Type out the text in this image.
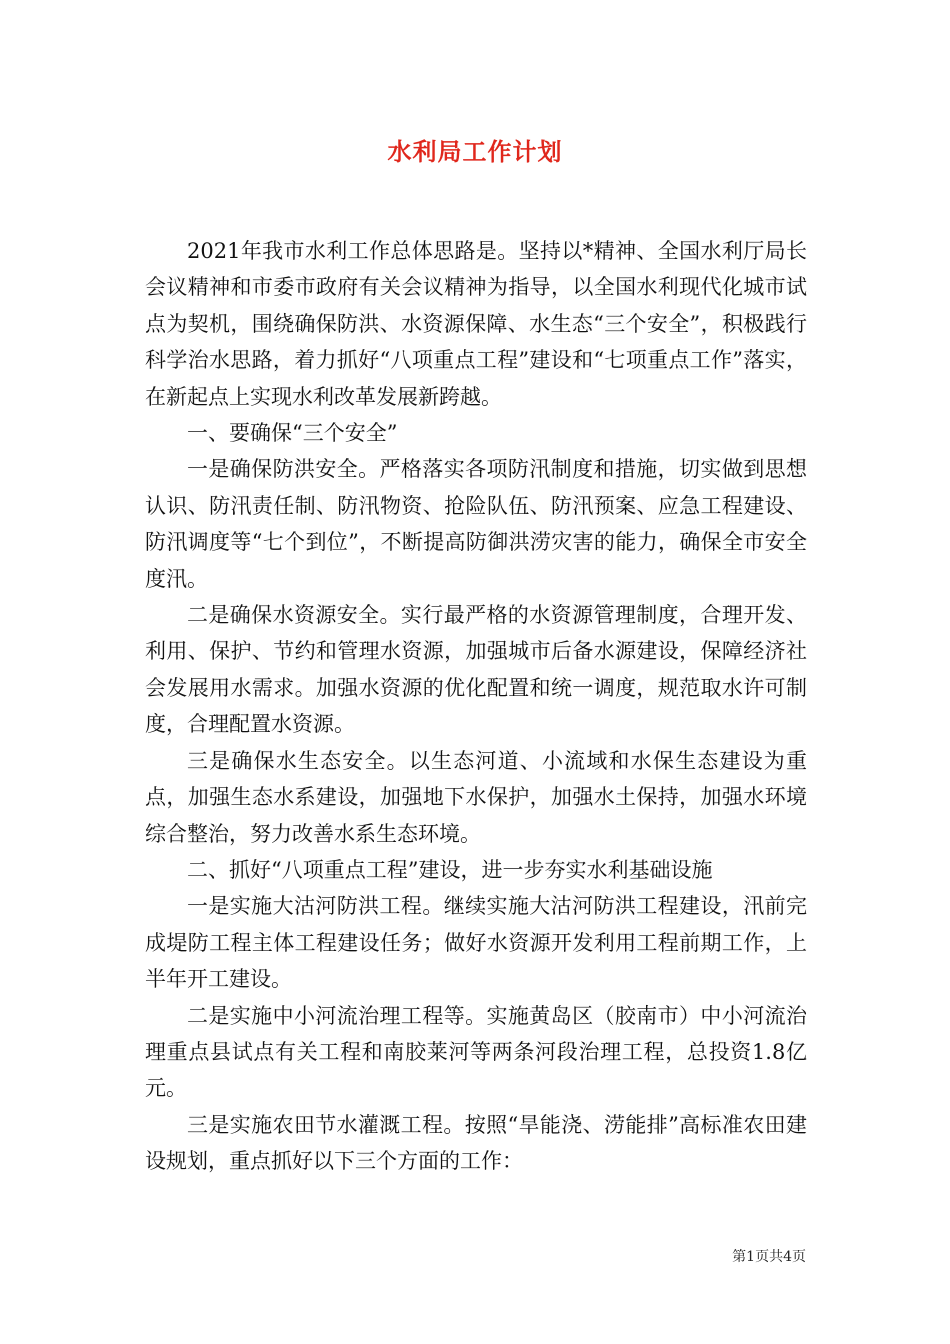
水利局工作计划

2021年我市水利工作总体思路是。坚持以*精神、全国水利厅局长会议精神和市委市政府有关会议精神为指导，以全国水利现代化城市试点为契机，围绕确保防洪、水资源保障、水生态“三个安全”，积极践行科学治水思路，着力抓好“八项重点工程”建设和“七项重点工作”落实，在新起点上实现水利改革发展新跨越。

一、要确保“三个安全”

一是确保防洪安全。严格落实各项防汛制度和措施，切实做到思想认识、防汛责任制、防汛物资、抢险队伍、防汛预案、应急工程建设、防汛调度等“七个到位”，不断提高防御洪涝灾害的能力，确保全市安全度汛。

二是确保水资源安全。实行最严格的水资源管理制度，合理开发、利用、保护、节约和管理水资源，加强城市后备水源建设，保障经济社会发展用水需求。加强水资源的优化配置和统一调度，规范取水许可制度，合理配置水资源。

三是确保水生态安全。以生态河道、小流域和水保生态建设为重点，加强生态水系建设，加强地下水保护，加强水土保持，加强水环境综合整治，努力改善水系生态环境。

二、抓好“八项重点工程”建设，进一步夯实水利基础设施

一是实施大沽河防洪工程。继续实施大沽河防洪工程建设，汛前完成堤防工程主体工程建设任务；做好水资源开发利用工程前期工作，上半年开工建设。

二是实施中小河流治理工程等。实施黄岛区（胶南市）中小河流治理重点县试点有关工程和南胶莱河等两条河段治理工程，总投资1.8亿元。

三是实施农田节水灌溉工程。按照“旱能浇、涝能排”高标准农田建设规划，重点抓好以下三个方面的工作：

第1页共4页
